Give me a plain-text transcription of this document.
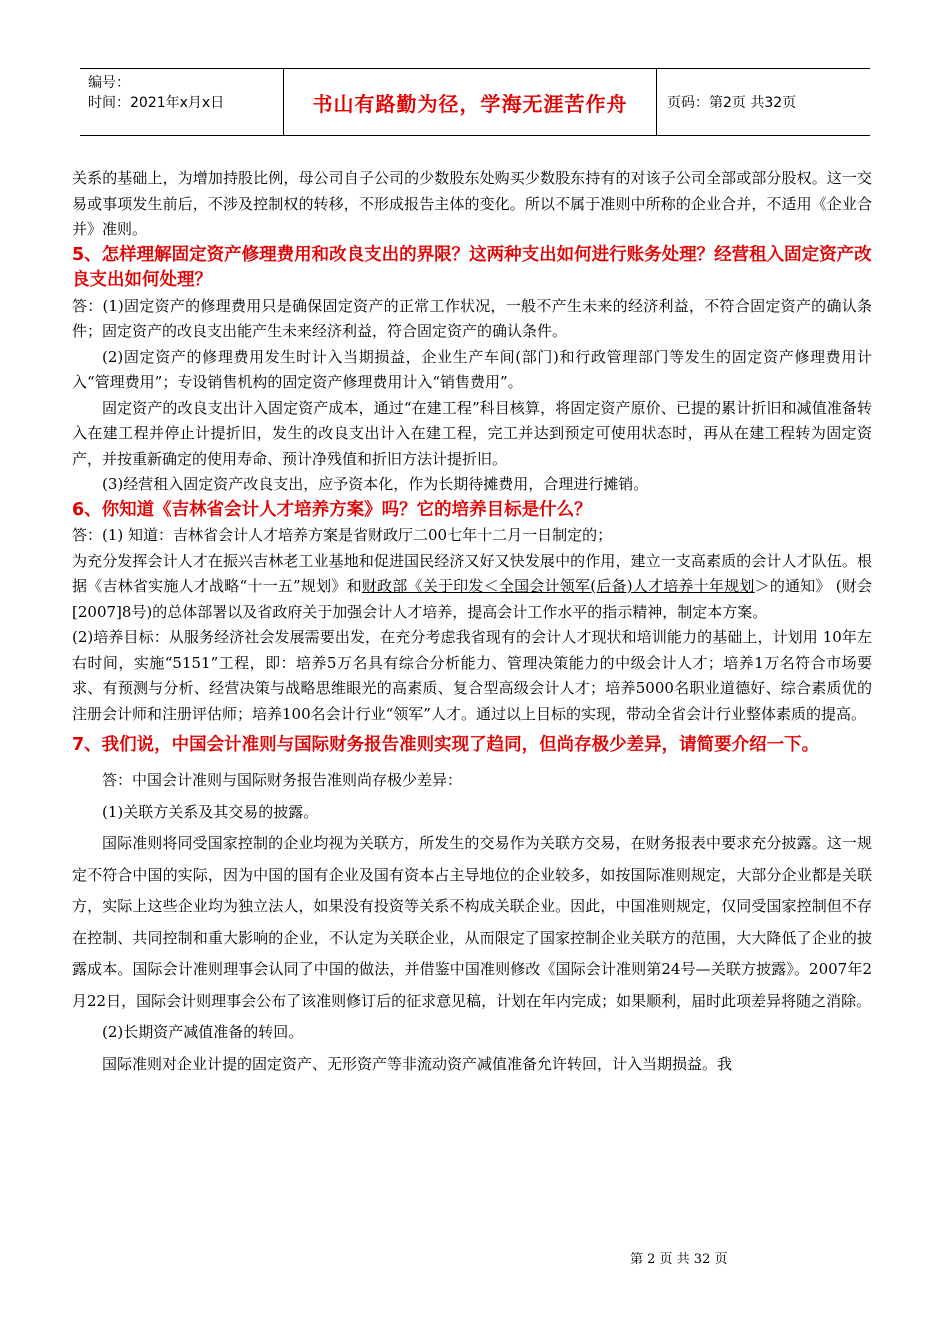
编号：
时间：2021年x月x日	书山有路勤为径，学海无涯苦作舟	页码：第2页 共32页

关系的基础上，为增加持股比例，母公司自子公司的少数股东处购买少数股东持有的对该子公司全部或部分股权。这一交易或事项发生前后，不涉及控制权的转移，不形成报告主体的变化。所以不属于准则中所称的企业合并，不适用《企业合并》准则。

5、怎样理解固定资产修理费用和改良支出的界限？这两种支出如何进行账务处理？经营租入固定资产改良支出如何处理？

答：(1)固定资产的修理费用只是确保固定资产的正常工作状况，一般不产生未来的经济利益，不符合固定资产的确认条件；固定资产的改良支出能产生未来经济利益，符合固定资产的确认条件。

(2)固定资产的修理费用发生时计入当期损益，企业生产车间(部门)和行政管理部门等发生的固定资产修理费用计入“管理费用”；专设销售机构的固定资产修理费用计入“销售费用”。

固定资产的改良支出计入固定资产成本，通过“在建工程”科目核算，将固定资产原价、已提的累计折旧和减值准备转入在建工程并停止计提折旧，发生的改良支出计入在建工程，完工并达到预定可使用状态时，再从在建工程转为固定资产，并按重新确定的使用寿命、预计净残值和折旧方法计提折旧。

(3)经营租入固定资产改良支出，应予资本化，作为长期待摊费用，合理进行摊销。

6、你知道《吉林省会计人才培养方案》吗？它的培养目标是什么？

答：(1) 知道：吉林省会计人才培养方案是省财政厅二00七年十二月一日制定的；

为充分发挥会计人才在振兴吉林老工业基地和促进国民经济又好又快发展中的作用，建立一支高素质的会计人才队伍。根据《吉林省实施人才战略“十一五”规划》和财政部《关于印发＜全国会计领军(后备)人才培养十年规划＞的通知》 (财会[2007]8号)的总体部署以及省政府关于加强会计人才培养，提高会计工作水平的指示精神，制定本方案。

(2)培养目标：从服务经济社会发展需要出发，在充分考虑我省现有的会计人才现状和培训能力的基础上，计划用 10年左右时间，实施“5151”工程，即：培养5万名具有综合分析能力、管理决策能力的中级会计人才；培养1万名符合市场要求、有预测与分析、经营决策与战略思维眼光的高素质、复合型高级会计人才；培养5000名职业道德好、综合素质优的注册会计师和注册评估师；培养100名会计行业“领军”人才。通过以上目标的实现，带动全省会计行业整体素质的提高。

7、我们说，中国会计准则与国际财务报告准则实现了趋同，但尚存极少差异，请简要介绍一下。

答：中国会计准则与国际财务报告准则尚存极少差异：

(1)关联方关系及其交易的披露。

国际准则将同受国家控制的企业均视为关联方，所发生的交易作为关联方交易，在财务报表中要求充分披露。这一规定不符合中国的实际，因为中国的国有企业及国有资本占主导地位的企业较多，如按国际准则规定，大部分企业都是关联方，实际上这些企业均为独立法人，如果没有投资等关系不构成关联企业。因此，中国准则规定，仅同受国家控制但不存在控制、共同控制和重大影响的企业，不认定为关联企业，从而限定了国家控制企业关联方的范围，大大降低了企业的披露成本。国际会计准则理事会认同了中国的做法，并借鉴中国准则修改《国际会计准则第24号—关联方披露》。2007年2月22日，国际会计则理事会公布了该准则修订后的征求意见稿，计划在年内完成；如果顺利，届时此项差异将随之消除。

(2)长期资产减值准备的转回。

国际准则对企业计提的固定资产、无形资产等非流动资产减值准备允许转回，计入当期损益。我

第 2 页 共 32 页
